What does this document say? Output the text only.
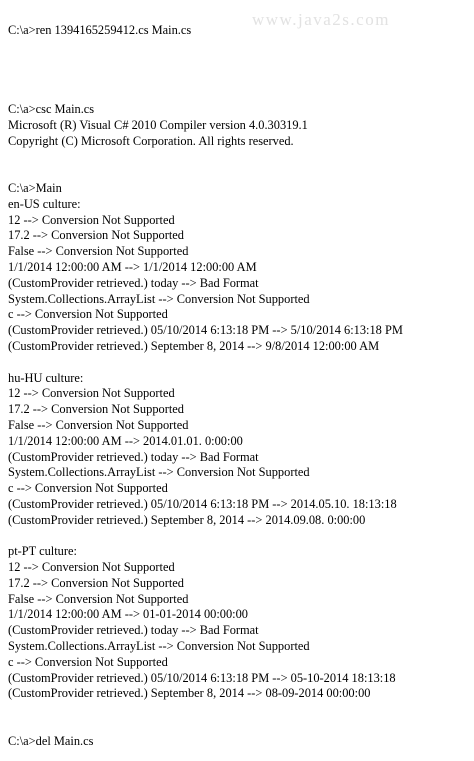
www.java2s.com
C:\a>ren 1394165259412.cs Main.cs
C:\a>csc Main.cs
Microsoft (R) Visual C# 2010 Compiler version 4.0.30319.1
Copyright (C) Microsoft Corporation. All rights reserved.
C:\a>Main
en-US culture:
12 --> Conversion Not Supported
17.2 --> Conversion Not Supported
False --> Conversion Not Supported
1/1/2014 12:00:00 AM --> 1/1/2014 12:00:00 AM
(CustomProvider retrieved.) today --> Bad Format
System.Collections.ArrayList --> Conversion Not Supported
c --> Conversion Not Supported
(CustomProvider retrieved.) 05/10/2014 6:13:18 PM --> 5/10/2014 6:13:18 PM
(CustomProvider retrieved.) September 8, 2014 --> 9/8/2014 12:00:00 AM
hu-HU culture:
12 --> Conversion Not Supported
17.2 --> Conversion Not Supported
False --> Conversion Not Supported
1/1/2014 12:00:00 AM --> 2014.01.01. 0:00:00
(CustomProvider retrieved.) today --> Bad Format
System.Collections.ArrayList --> Conversion Not Supported
c --> Conversion Not Supported
(CustomProvider retrieved.) 05/10/2014 6:13:18 PM --> 2014.05.10. 18:13:18
(CustomProvider retrieved.) September 8, 2014 --> 2014.09.08. 0:00:00
pt-PT culture:
12 --> Conversion Not Supported
17.2 --> Conversion Not Supported
False --> Conversion Not Supported
1/1/2014 12:00:00 AM --> 01-01-2014 00:00:00
(CustomProvider retrieved.) today --> Bad Format
System.Collections.ArrayList --> Conversion Not Supported
c --> Conversion Not Supported
(CustomProvider retrieved.) 05/10/2014 6:13:18 PM --> 05-10-2014 18:13:18
(CustomProvider retrieved.) September 8, 2014 --> 08-09-2014 00:00:00
C:\a>del Main.cs
